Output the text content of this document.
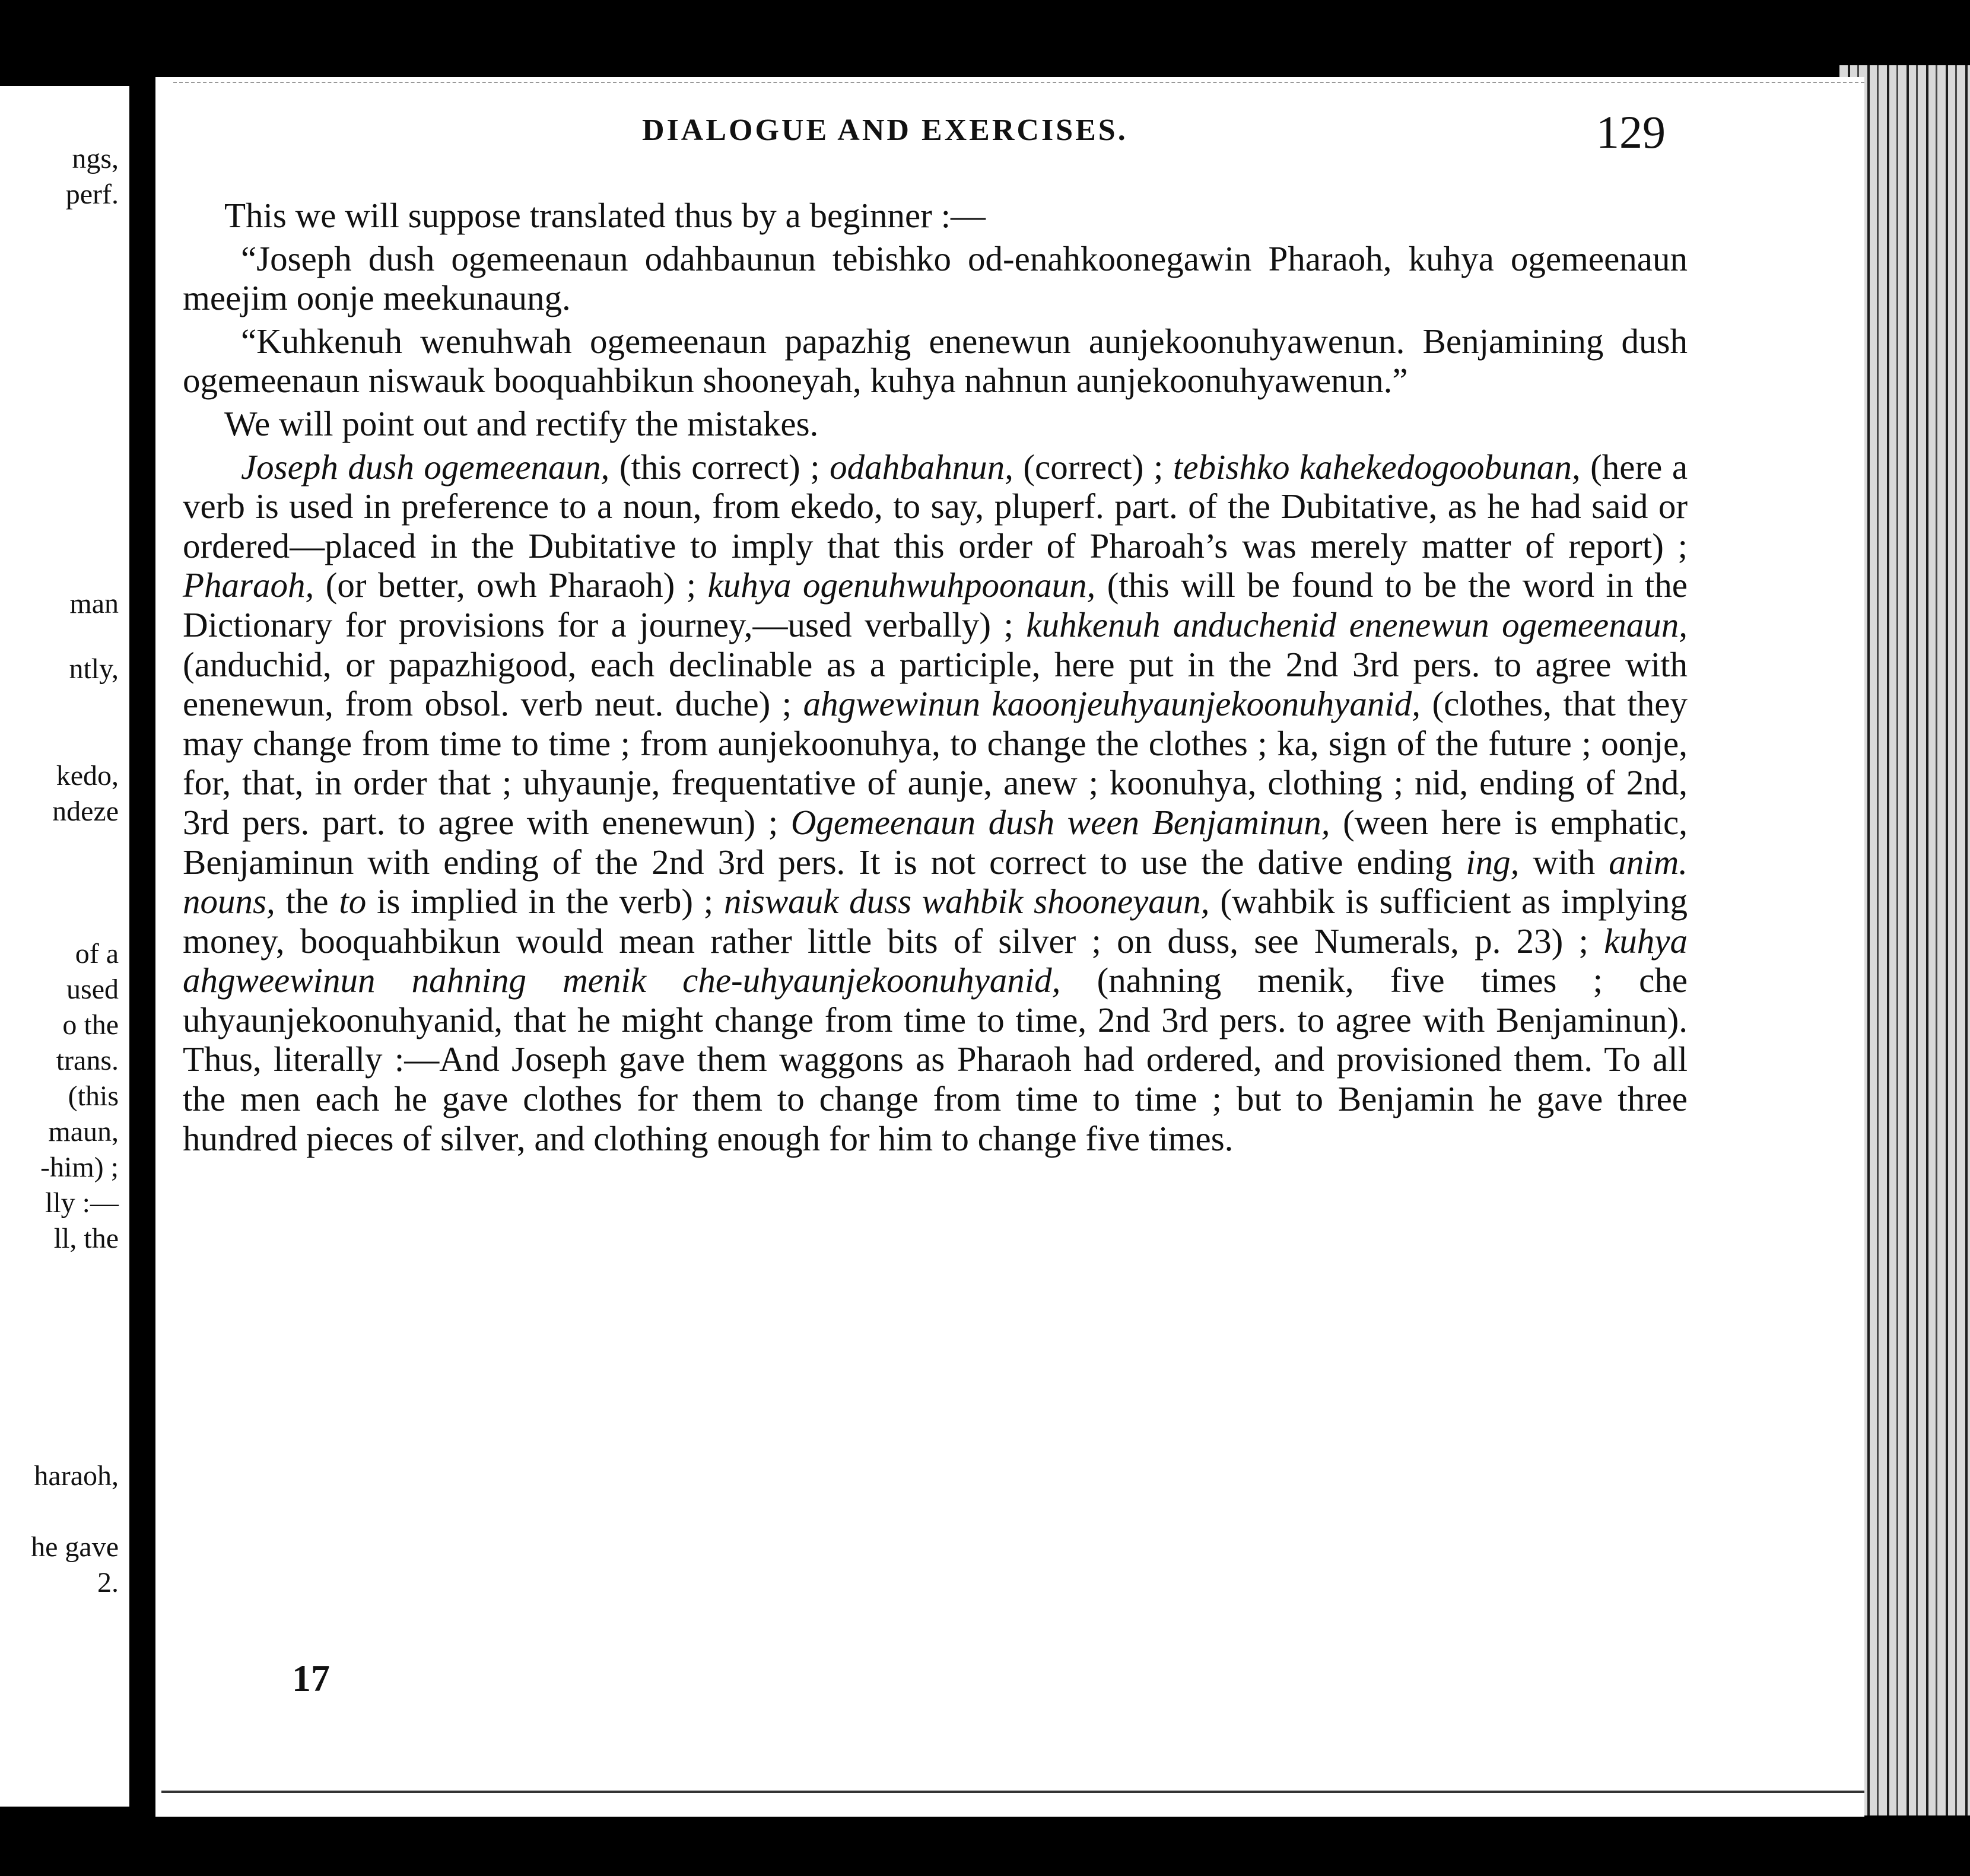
ngs,
perf.
man
ntly,
kedo,
ndeze
of a
used
o the
trans.
(this
maun,
-him) ;
lly :—
ll, the
haraoh,
he gave
2.
DIALOGUE AND EXERCISES.	129

This we will suppose translated thus by a beginner :—

“Joseph dush ogemeenaun odahbaunun tebishko od-enahkoonegawin Pharaoh, kuhya ogemeenaun meejim oonje meekunaung.

“Kuhkenuh wenuhwah ogemeenaun papazhig enenewun aunjekoonuhyawenun. Benjamining dush ogemeenaun niswauk booquahbikun shooneyah, kuhya nahnun aunjekoonuhyawenun.”

We will point out and rectify the mistakes.

Joseph dush ogemeenaun, (this correct) ; odahbahnun, (correct) ; tebishko kahekedogoobunan, (here a verb is used in preference to a noun, from ekedo, to say, pluperf. part. of the Dubitative, as he had said or ordered—placed in the Dubitative to imply that this order of Pharoah’s was merely matter of report) ; Pharaoh, (or better, owh Pharaoh) ; kuhya ogenuhwuhpoonaun, (this will be found to be the word in the Dictionary for provisions for a journey,—used verbally) ; kuhkenuh anduchenid enenewun ogemeenaun, (anduchid, or papazhigood, each declinable as a participle, here put in the 2nd 3rd pers. to agree with enenewun, from obsol. verb neut. duche) ; ahgwewinun kaoonjeuhyaunjekoonuhyanid, (clothes, that they may change from time to time ; from aunjekoonuhya, to change the clothes ; ka, sign of the future ; oonje, for, that, in order that ; uhyaunje, frequentative of aunje, anew ; koonuhya, clothing ; nid, ending of 2nd, 3rd pers. part. to agree with enenewun) ; Ogemeenaun dush ween Benjaminun, (ween here is emphatic, Benjaminun with ending of the 2nd 3rd pers. It is not correct to use the dative ending ing, with anim. nouns, the to is implied in the verb) ; niswauk duss wahbik shooneyaun, (wahbik is sufficient as implying money, booquahbikun would mean rather little bits of silver ; on duss, see Numerals, p. 23) ; kuhya ahgweewinun nahning menik che-uhyaunjekoonuhyanid, (nahning menik, five times ; che uhyaunjekoonuhyanid, that he might change from time to time, 2nd 3rd pers. to agree with Benjaminun). Thus, literally :—And Joseph gave them waggons as Pharaoh had ordered, and provisioned them. To all the men each he gave clothes for them to change from time to time ; but to Benjamin he gave three hundred pieces of silver, and clothing enough for him to change five times.

17
